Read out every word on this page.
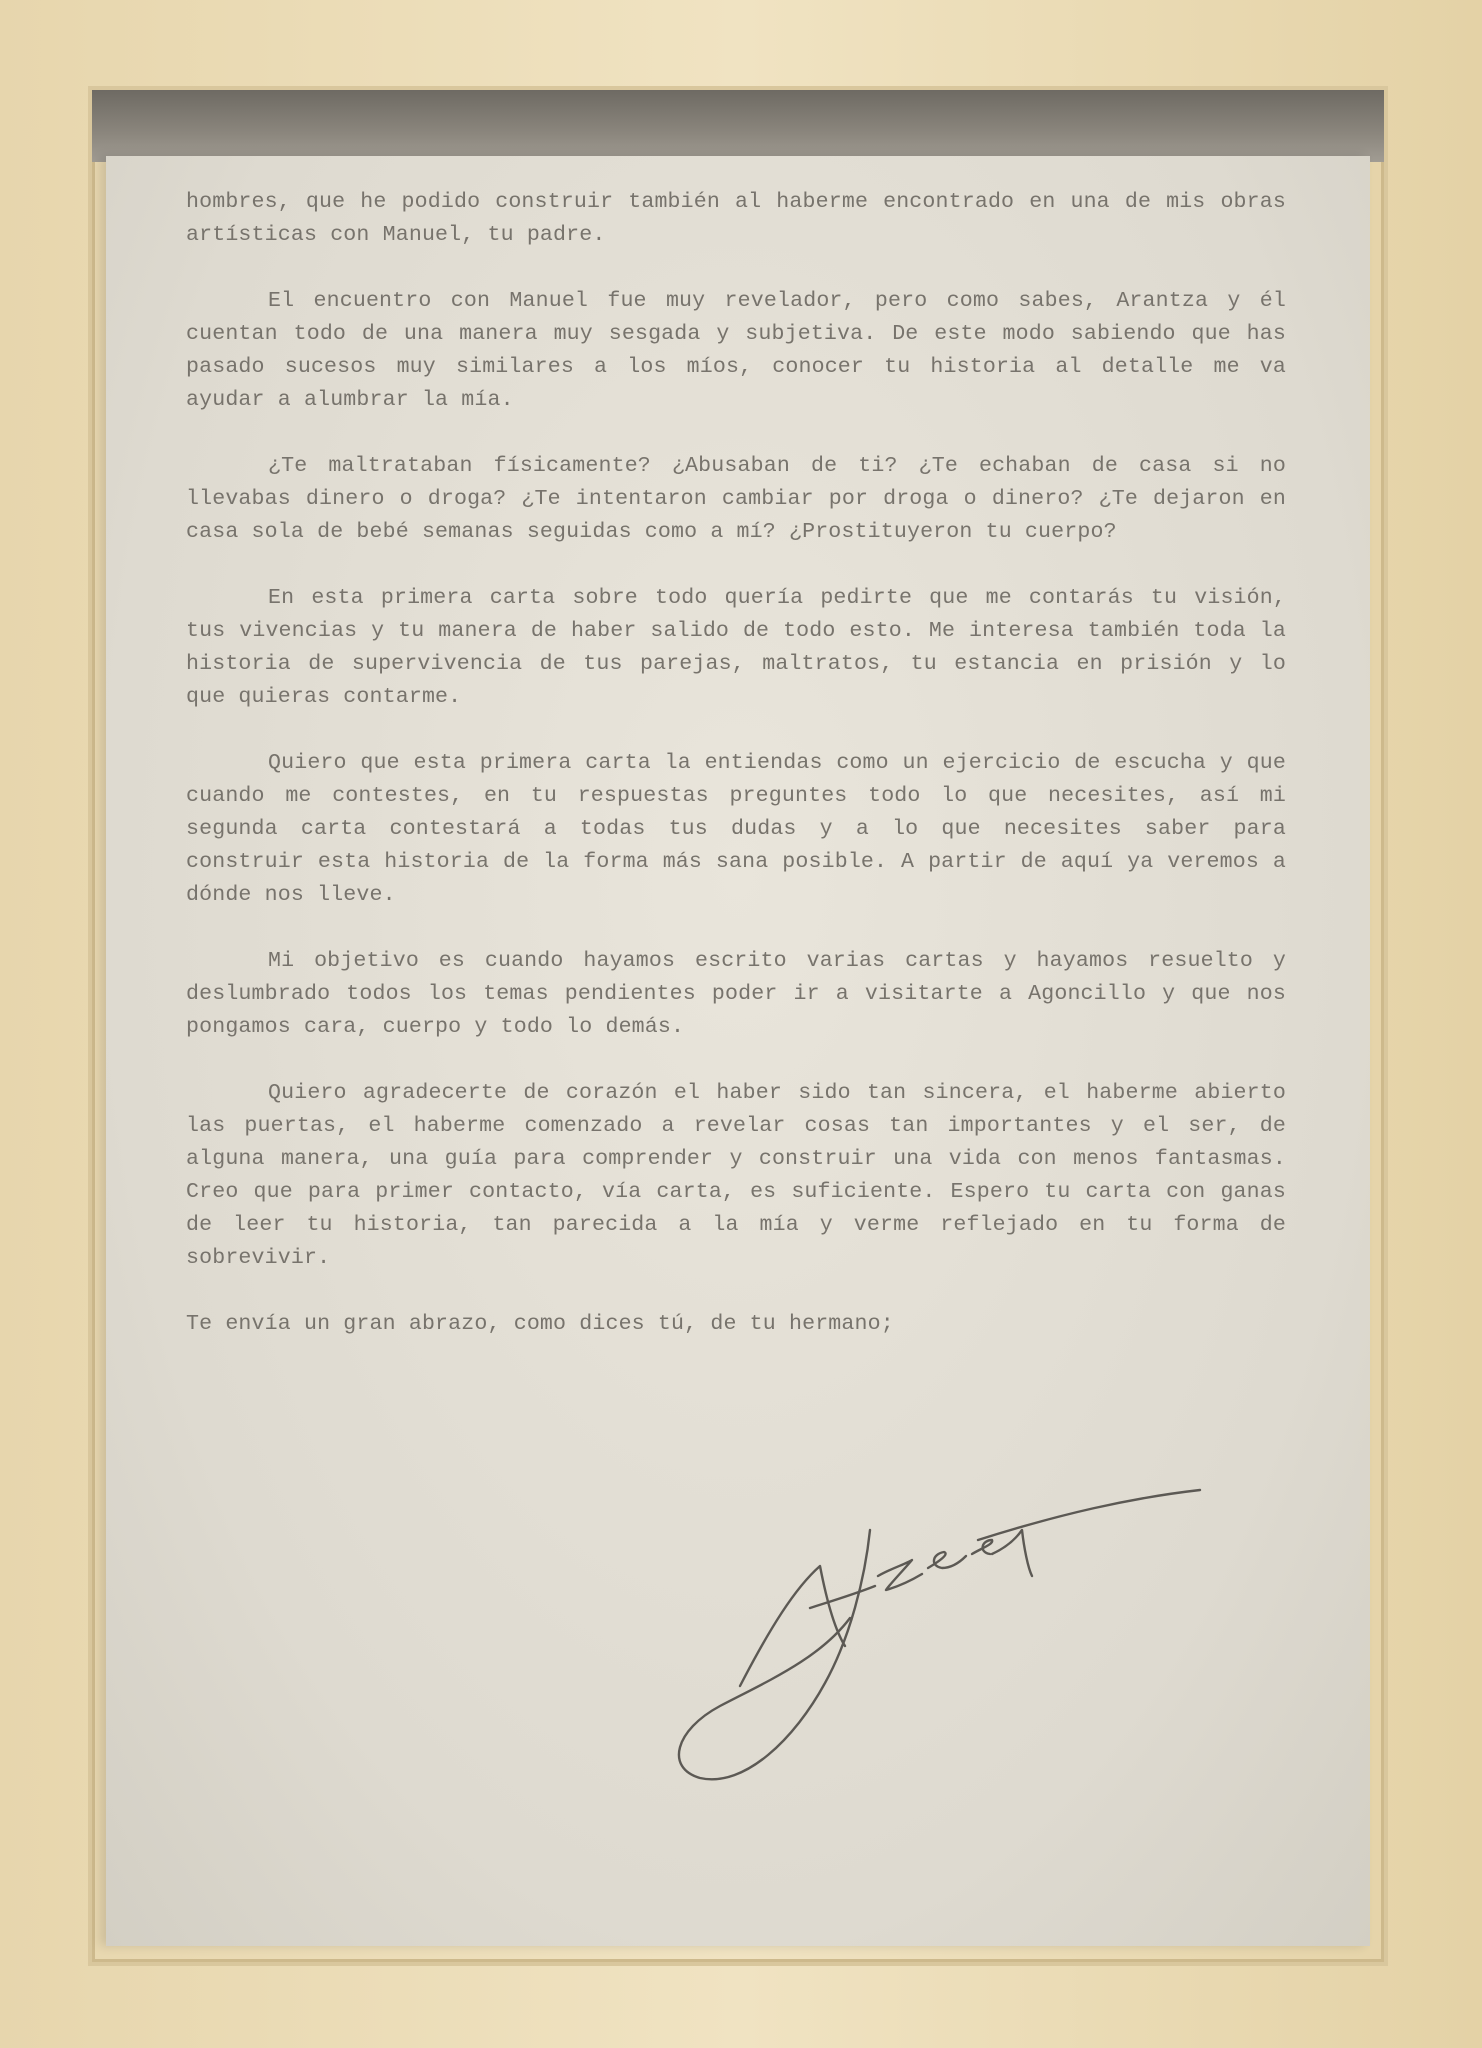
hombres, que he podido construir también al haberme encontrado en una de mis obras artísticas con Manuel, tu padre.

El encuentro con Manuel fue muy revelador, pero como sabes, Arantza y él cuentan todo de una manera muy sesgada y subjetiva. De este modo sabiendo que has pasado sucesos muy similares a los míos, conocer tu historia al detalle me va ayudar a alumbrar la mía.

¿Te maltrataban físicamente? ¿Abusaban de ti? ¿Te echaban de casa si no llevabas dinero o droga? ¿Te intentaron cambiar por droga o dinero? ¿Te dejaron en casa sola de bebé semanas seguidas como a mí? ¿Prostituyeron tu cuerpo?

En esta primera carta sobre todo quería pedirte que me contarás tu visión, tus vivencias y tu manera de haber salido de todo esto. Me interesa también toda la historia de supervivencia de tus parejas, maltratos, tu estancia en prisión y lo que quieras contarme.

Quiero que esta primera carta la entiendas como un ejercicio de escucha y que cuando me contestes, en tu respuestas preguntes todo lo que necesites, así mi segunda carta contestará a todas tus dudas y a lo que necesites saber para construir esta historia de la forma más sana posible. A partir de aquí ya veremos a dónde nos lleve.

Mi objetivo es cuando hayamos escrito varias cartas y hayamos resuelto y deslumbrado todos los temas pendientes poder ir a visitarte a Agoncillo y que nos pongamos cara, cuerpo y todo lo demás.

Quiero agradecerte de corazón el haber sido tan sincera, el haberme abierto las puertas, el haberme comenzado a revelar cosas tan importantes y el ser, de alguna manera, una guía para comprender y construir una vida con menos fantasmas. Creo que para primer contacto, vía carta, es suficiente. Espero tu carta con ganas de leer tu historia, tan parecida a la mía y verme reflejado en tu forma de sobrevivir.

Te envía un gran abrazo, como dices tú, de tu hermano;
